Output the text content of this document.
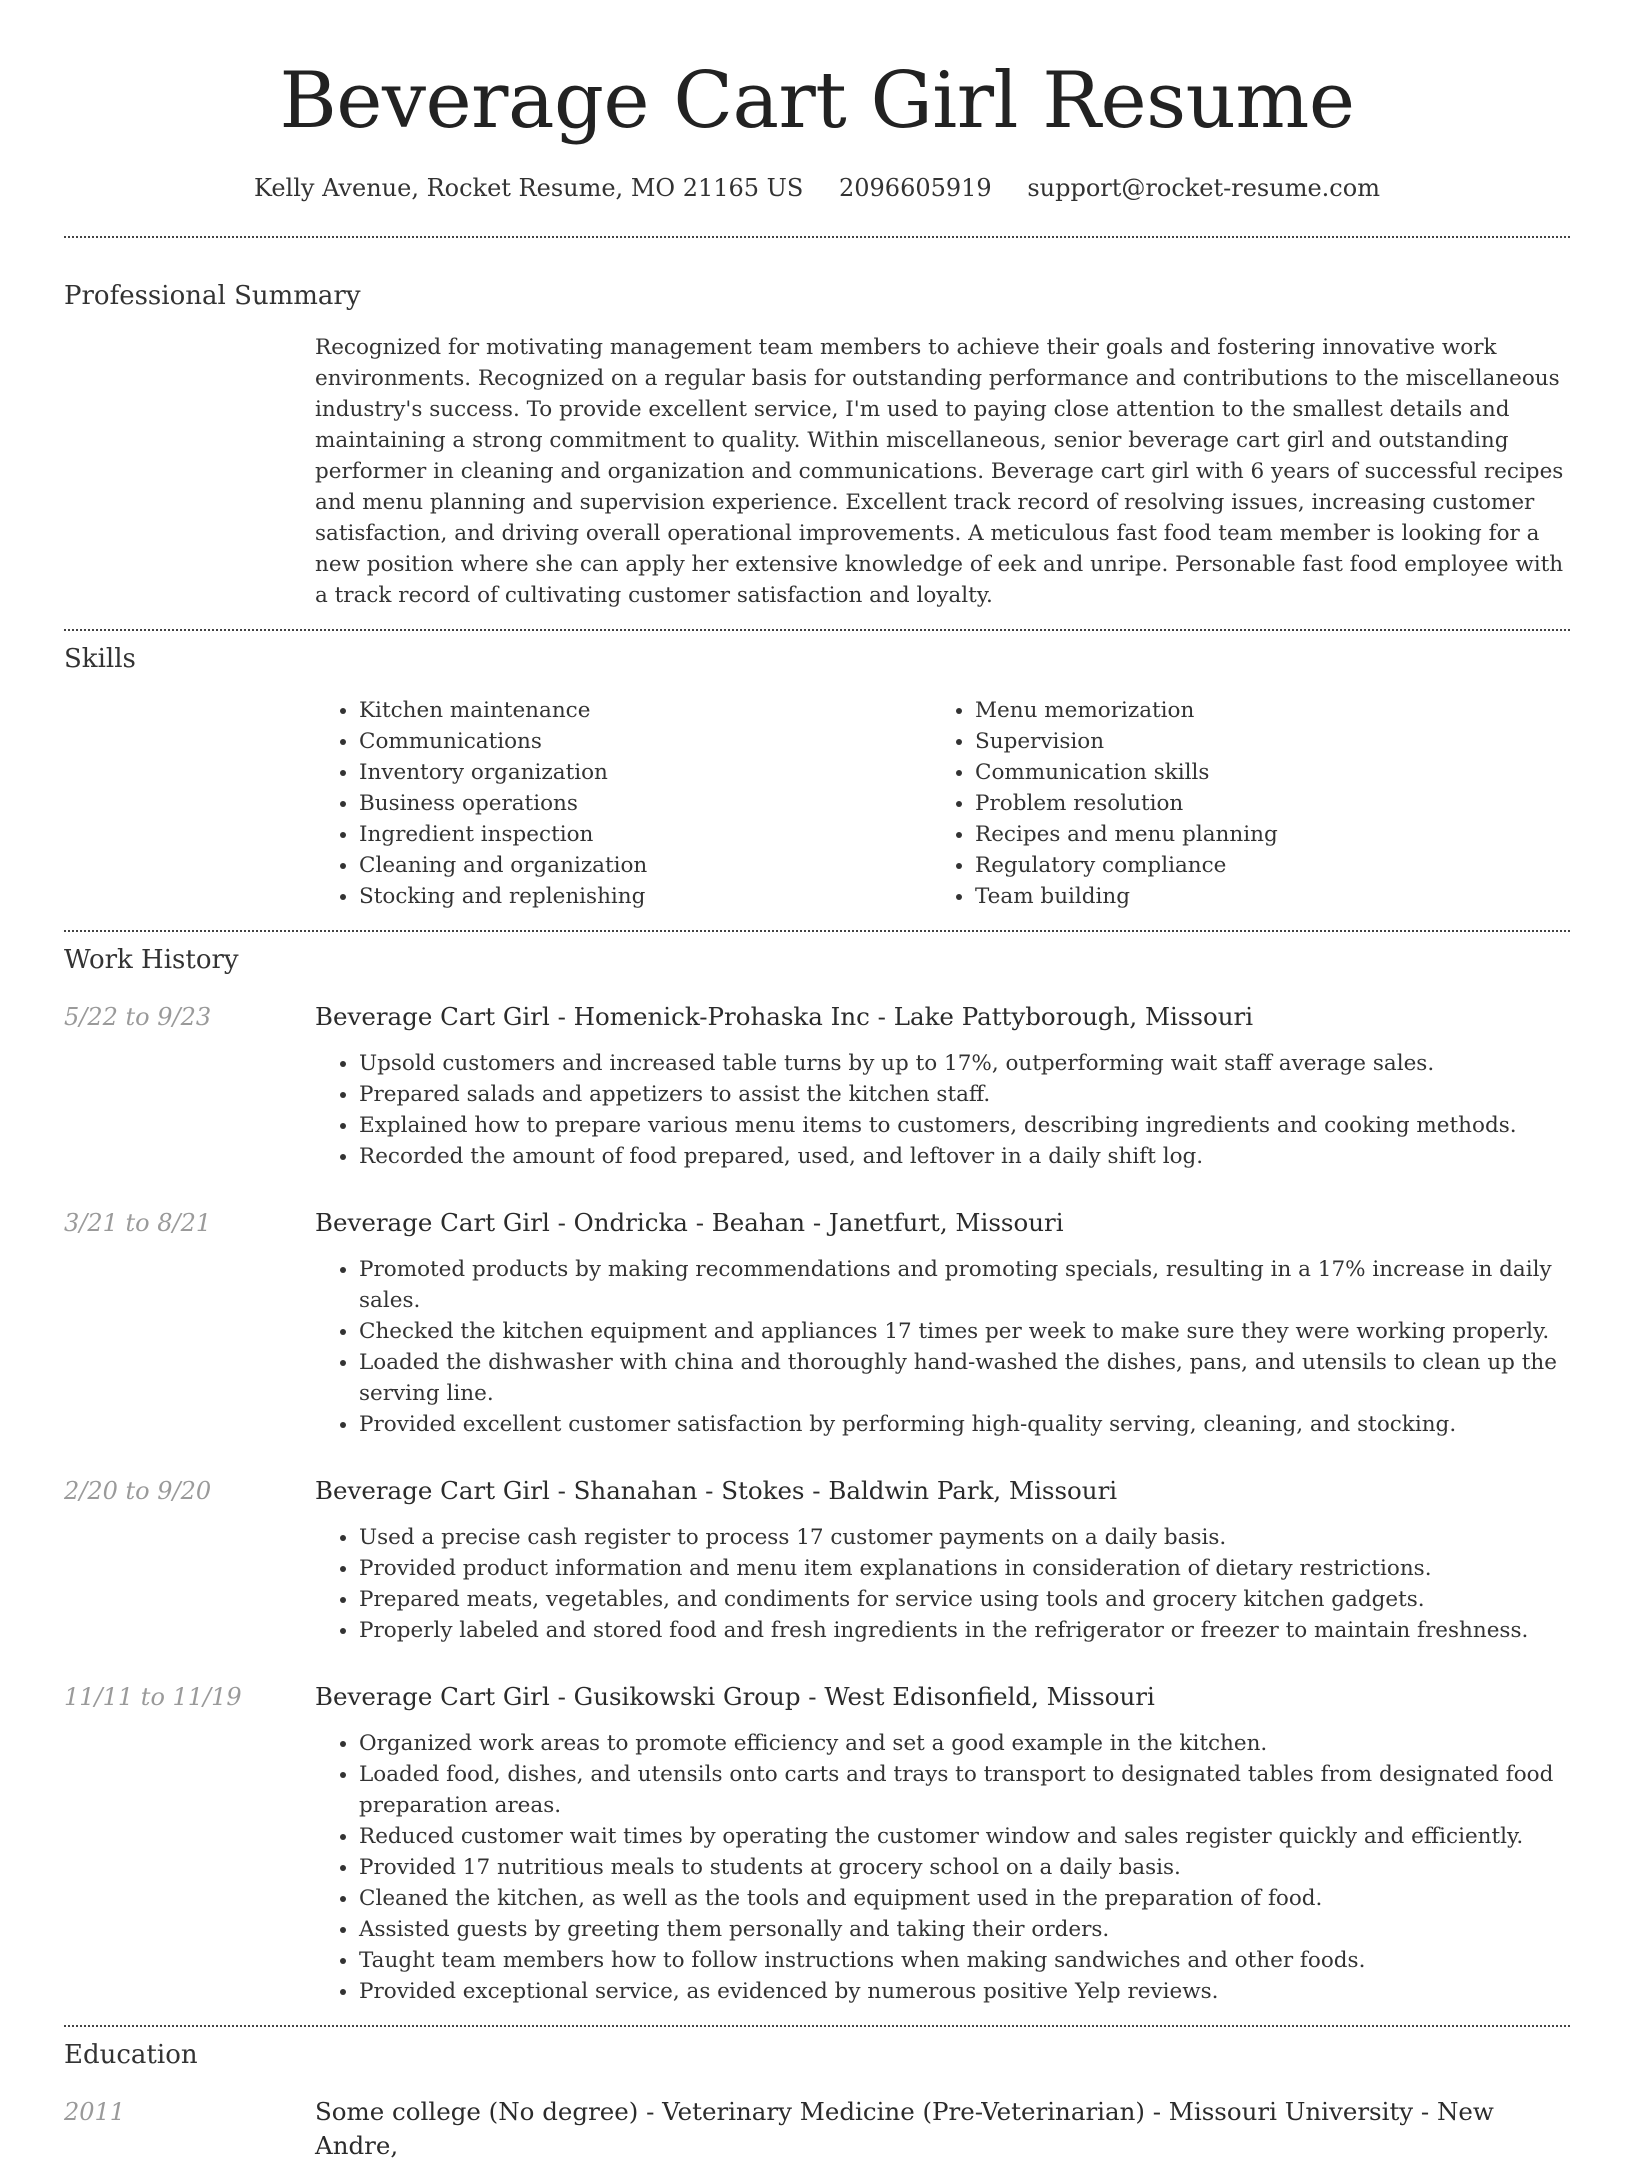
Beverage Cart Girl Resume
Kelly Avenue, Rocket Resume, MO 21165 US 2096605919 support@rocket-resume.com
Professional Summary
Recognized for motivating management team members to achieve their goals and fostering innovative work environments. Recognized on a regular basis for outstanding performance and contributions to the miscellaneous industry's success. To provide excellent service, I'm used to paying close attention to the smallest details and maintaining a strong commitment to quality. Within miscellaneous, senior beverage cart girl and outstanding performer in cleaning and organization and communications. Beverage cart girl with 6 years of successful recipes and menu planning and supervision experience. Excellent track record of resolving issues, increasing customer satisfaction, and driving overall operational improvements. A meticulous fast food team member is looking for a new position where she can apply her extensive knowledge of eek and unripe. Personable fast food employee with a track record of cultivating customer satisfaction and loyalty.
Skills
• Kitchen maintenance
• Communications
• Inventory organization
• Business operations
• Ingredient inspection
• Cleaning and organization
• Stocking and replenishing
• Menu memorization
• Supervision
• Communication skills
• Problem resolution
• Recipes and menu planning
• Regulatory compliance
• Team building
Work History
5/22 to 9/23	Beverage Cart Girl - Homenick-Prohaska Inc - Lake Pattyborough, Missouri
• Upsold customers and increased table turns by up to 17%, outperforming wait staff average sales.
• Prepared salads and appetizers to assist the kitchen staff.
• Explained how to prepare various menu items to customers, describing ingredients and cooking methods.
• Recorded the amount of food prepared, used, and leftover in a daily shift log.
3/21 to 8/21	Beverage Cart Girl - Ondricka - Beahan - Janetfurt, Missouri
• Promoted products by making recommendations and promoting specials, resulting in a 17% increase in daily sales.
• Checked the kitchen equipment and appliances 17 times per week to make sure they were working properly.
• Loaded the dishwasher with china and thoroughly hand-washed the dishes, pans, and utensils to clean up the serving line.
• Provided excellent customer satisfaction by performing high-quality serving, cleaning, and stocking.
2/20 to 9/20	Beverage Cart Girl - Shanahan - Stokes - Baldwin Park, Missouri
• Used a precise cash register to process 17 customer payments on a daily basis.
• Provided product information and menu item explanations in consideration of dietary restrictions.
• Prepared meats, vegetables, and condiments for service using tools and grocery kitchen gadgets.
• Properly labeled and stored food and fresh ingredients in the refrigerator or freezer to maintain freshness.
11/11 to 11/19	Beverage Cart Girl - Gusikowski Group - West Edisonfield, Missouri
• Organized work areas to promote efficiency and set a good example in the kitchen.
• Loaded food, dishes, and utensils onto carts and trays to transport to designated tables from designated food preparation areas.
• Reduced customer wait times by operating the customer window and sales register quickly and efficiently.
• Provided 17 nutritious meals to students at grocery school on a daily basis.
• Cleaned the kitchen, as well as the tools and equipment used in the preparation of food.
• Assisted guests by greeting them personally and taking their orders.
• Taught team members how to follow instructions when making sandwiches and other foods.
• Provided exceptional service, as evidenced by numerous positive Yelp reviews.
Education
2011	Some college (No degree) - Veterinary Medicine (Pre-Veterinarian) - Missouri University - New Andre,
